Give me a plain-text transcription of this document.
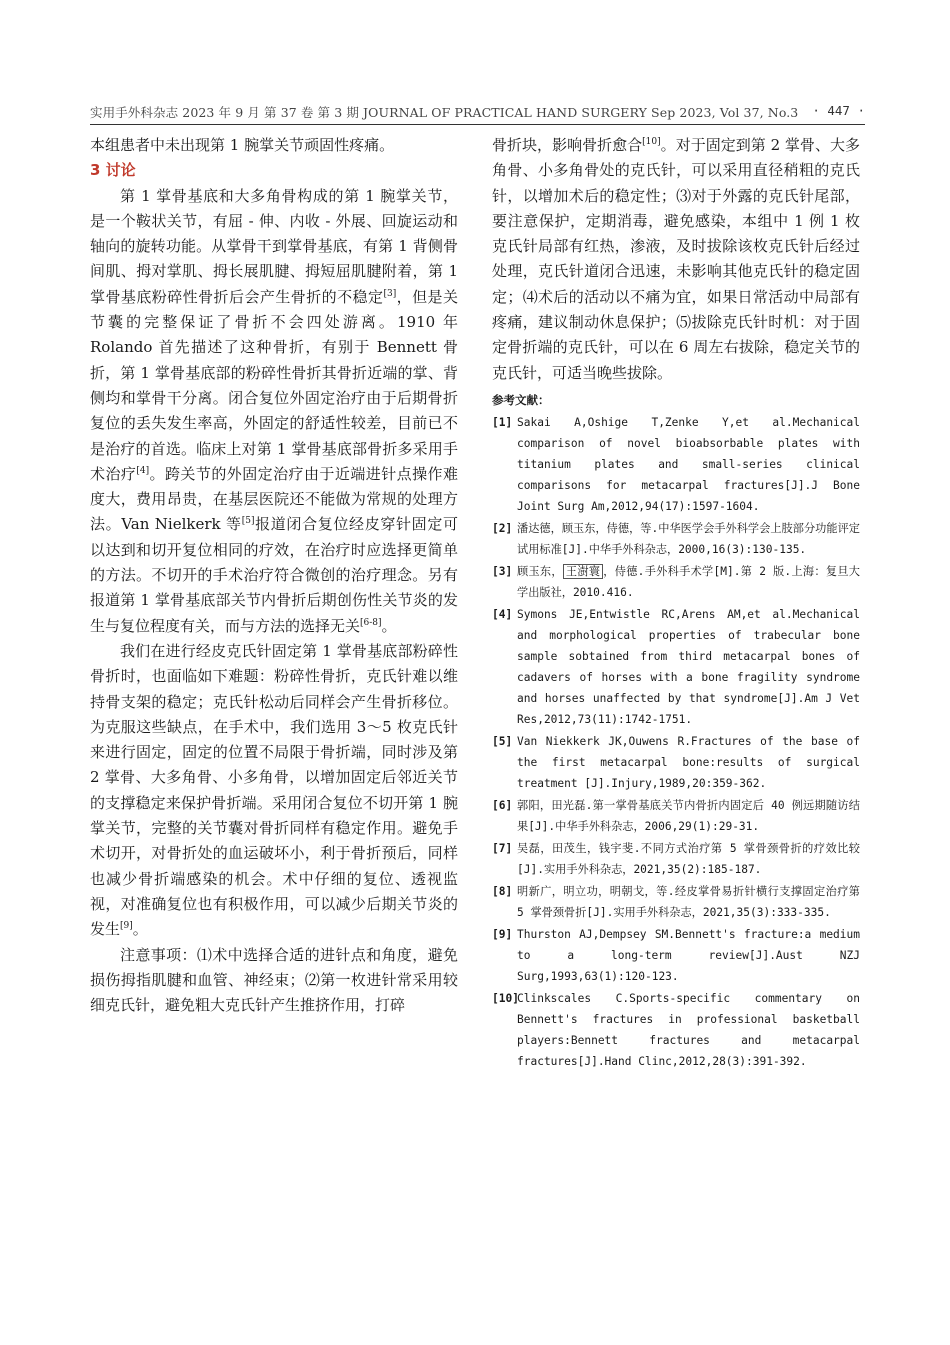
实用手外科杂志 2023 年 9 月 第 37 卷 第 3 期 JOURNAL OF PRACTICAL HAND SURGERY Sep 2023, Vol 37, No.3 · 447 ·

本组患者中未出现第 1 腕掌关节顽固性疼痛。

3 讨论

第 1 掌骨基底和大多角骨构成的第 1 腕掌关节，是一个鞍状关节，有屈 - 伸、内收 - 外展、回旋运动和轴向的旋转功能。从掌骨干到掌骨基底，有第 1 背侧骨间肌、拇对掌肌、拇长展肌腱、拇短屈肌腱附着，第 1 掌骨基底粉碎性骨折后会产生骨折的不稳定[3]，但是关节囊的完整保证了骨折不会四处游离。1910 年 Rolando 首先描述了这种骨折，有别于 Bennett 骨折，第 1 掌骨基底部的粉碎性骨折其骨折近端的掌、背侧均和掌骨干分离。闭合复位外固定治疗由于后期骨折复位的丢失发生率高，外固定的舒适性较差，目前已不是治疗的首选。临床上对第 1 掌骨基底部骨折多采用手术治疗[4]。跨关节的外固定治疗由于近端进针点操作难度大，费用昂贵，在基层医院还不能做为常规的处理方法。Van Nielkerk 等[5]报道闭合复位经皮穿针固定可以达到和切开复位相同的疗效，在治疗时应选择更简单的方法。不切开的手术治疗符合微创的治疗理念。另有报道第 1 掌骨基底部关节内骨折后期创伤性关节炎的发生与复位程度有关，而与方法的选择无关[6-8]。

我们在进行经皮克氏针固定第 1 掌骨基底部粉碎性骨折时，也面临如下难题：粉碎性骨折，克氏针难以维持骨支架的稳定；克氏针松动后同样会产生骨折移位。为克服这些缺点，在手术中，我们选用 3～5 枚克氏针来进行固定，固定的位置不局限于骨折端，同时涉及第 2 掌骨、大多角骨、小多角骨，以增加固定后邻近关节的支撑稳定来保护骨折端。采用闭合复位不切开第 1 腕掌关节，完整的关节囊对骨折同样有稳定作用。避免手术切开，对骨折处的血运破坏小，利于骨折预后，同样也减少骨折端感染的机会。术中仔细的复位、透视监视，对准确复位也有积极作用，可以减少后期关节炎的发生[9]。

注意事项：⑴术中选择合适的进针点和角度，避免损伤拇指肌腱和血管、神经束；⑵第一枚进针常采用较细克氏针，避免粗大克氏针产生推挤作用，打碎

骨折块，影响骨折愈合[10]。对于固定到第 2 掌骨、大多角骨、小多角骨处的克氏针，可以采用直径稍粗的克氏针，以增加术后的稳定性；⑶对于外露的克氏针尾部，要注意保护，定期消毒，避免感染，本组中 1 例 1 枚克氏针局部有红热，渗液，及时拔除该枚克氏针后经过处理，克氏针道闭合迅速，未影响其他克氏针的稳定固定；⑷术后的活动以不痛为宜，如果日常活动中局部有疼痛，建议制动休息保护；⑸拔除克氏针时机：对于固定骨折端的克氏针，可以在 6 周左右拔除，稳定关节的克氏针，可适当晚些拔除。

参考文献：
[1] Sakai A,Oshige T,Zenke Y,et al.Mechanical comparison of novel bioabsorbable plates with titanium plates and small-series clinical comparisons for metacarpal fractures[J].J Bone Joint Surg Am,2012,94(17):1597-1604.
[2] 潘达德，顾玉东，侍德，等.中华医学会手外科学会上肢部分功能评定试用标准[J].中华手外科杂志，2000,16(3):130-135.
[3] 顾玉东， 王澍寰 ，侍德.手外科手术学[M].第 2 版.上海：复旦大学出版社，2010.416.
[4] Symons JE,Entwistle RC,Arens AM,et al.Mechanical and morphological properties of trabecular bone sample sobtained from third metacarpal bones of cadavers of horses with a bone fragility syndrome and horses unaffected by that syndrome[J].Am J Vet Res,2012,73(11):1742-1751.
[5] Van Niekkerk JK,Ouwens R.Fractures of the base of the first metacarpal bone:results of surgical treatment [J].Injury,1989,20:359-362.
[6] 郭阳，田光磊.第一掌骨基底关节内骨折内固定后 40 例远期随访结果[J].中华手外科杂志，2006,29(1):29-31.
[7] 吴磊，田茂生，钱宇斐.不同方式治疗第 5 掌骨颈骨折的疗效比较[J].实用手外科杂志，2021,35(2):185-187.
[8] 明新广，明立功，明朝戈，等.经皮掌骨易折针横行支撑固定治疗第 5 掌骨颈骨折[J].实用手外科杂志，2021,35(3):333-335.
[9] Thurston AJ,Dempsey SM.Bennett's fracture:a medium to a long-term review[J].Aust NZJ Surg,1993,63(1):120-123.
[10]
Clinkscales C.Sports-specific commentary on Bennett's fractures in professional basketball players:Bennett fractures and metacarpal fractures[J].Hand Clinc,2012,28(3):391-392.
